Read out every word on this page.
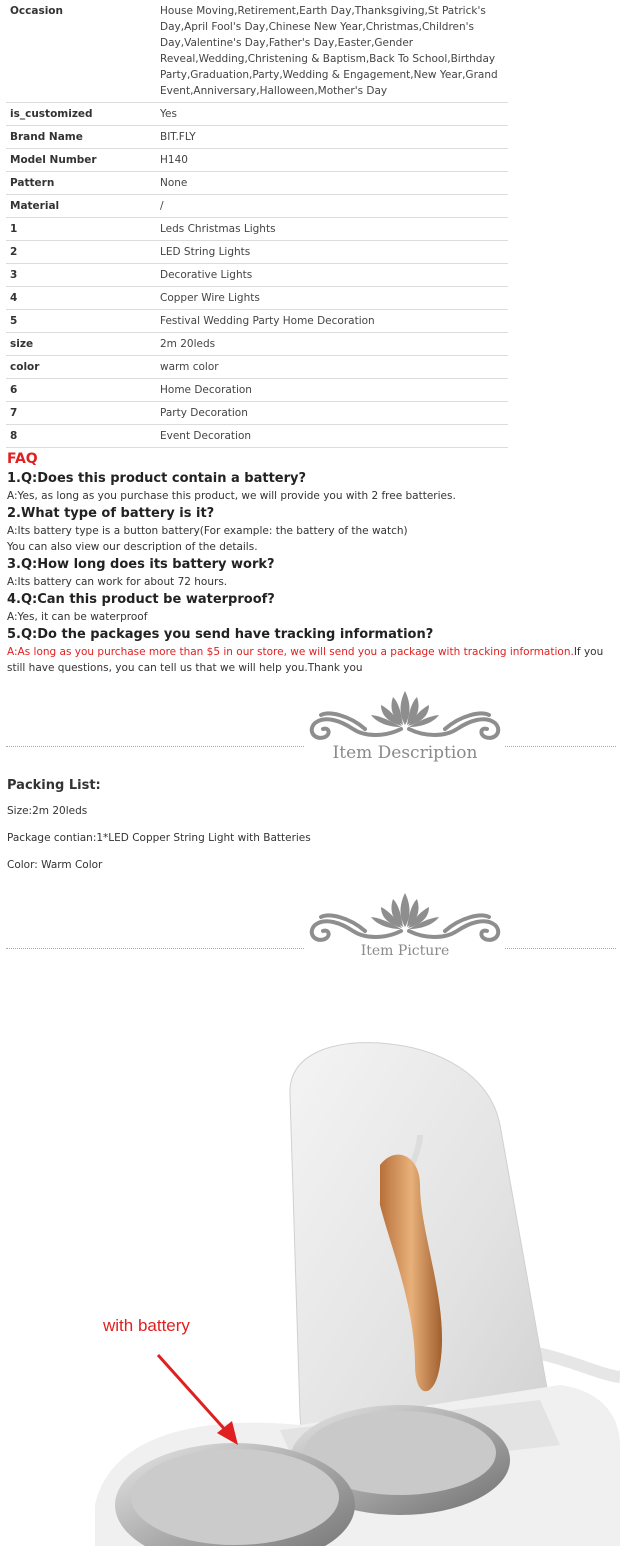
Occasion	House Moving,Retirement,Earth Day,Thanksgiving,St Patrick's Day,April Fool's Day,Chinese New Year,Christmas,Children's Day,Valentine's Day,Father's Day,Easter,Gender Reveal,Wedding,Christening & Baptism,Back To School,Birthday Party,Graduation,Party,Wedding & Engagement,New Year,Grand Event,Anniversary,Halloween,Mother's Day
is_customized	Yes
Brand Name	BIT.FLY
Model Number	H140
Pattern	None
Material	/
1	Leds Christmas Lights
2	LED String Lights
3	Decorative Lights
4	Copper Wire Lights
5	Festival Wedding Party Home Decoration
size	2m 20leds
color	warm color
6	Home Decoration
7	Party Decoration
8	Event Decoration
FAQ
1.Q:Does this product contain a battery?
A:Yes, as long as you purchase this product, we will provide you with 2 free batteries.
2.What type of battery is it?
A:Its battery type is a button battery(For example: the battery of the watch)
You can also view our description of the details.
3.Q:How long does its battery work?
A:Its battery can work for about 72 hours.
4.Q:Can this product be waterproof?
A:Yes, it can be waterproof
5.Q:Do the packages you send have tracking information?
A:As long as you purchase more than $5 in our store, we will send you a package with tracking information.If you still have questions, you can tell us that we will help you.Thank you
Item Description
Packing List:

Size:2m 20leds

Package contian:1*LED Copper String Light with Batteries

Color: Warm Color

Item Picture
with battery
